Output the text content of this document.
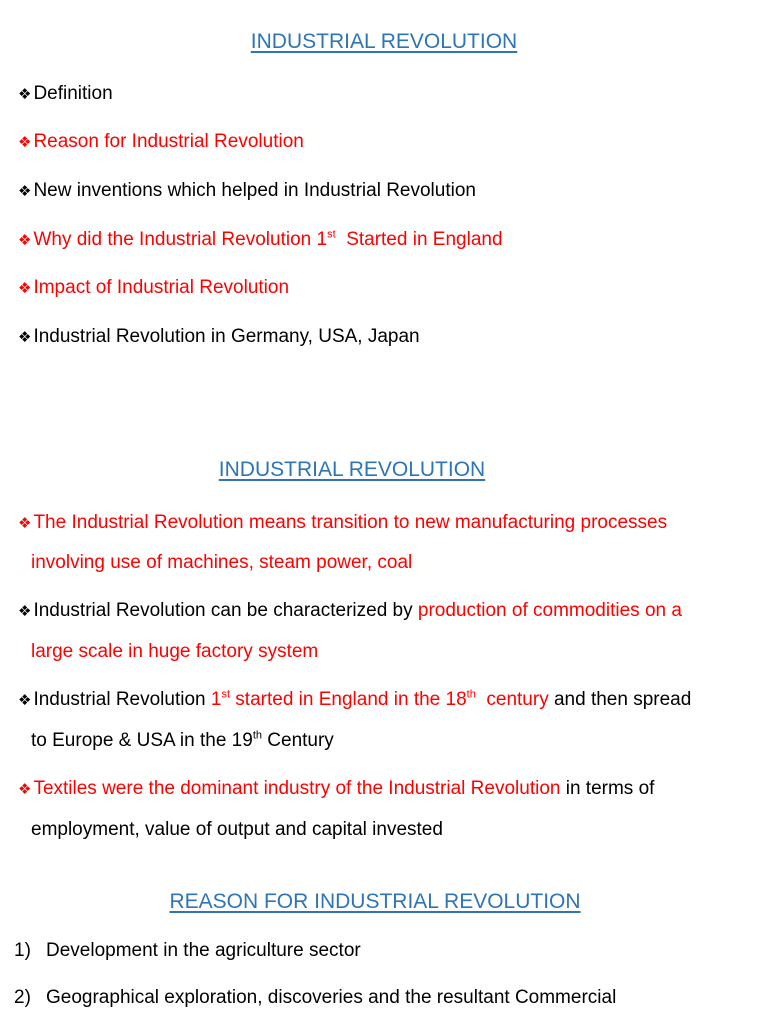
INDUSTRIAL REVOLUTION

❖ Definition

❖ Reason for Industrial Revolution

❖ New inventions which helped in Industrial Revolution

❖ Why did the Industrial Revolution 1st Started in England

❖ Impact of Industrial Revolution

❖ Industrial Revolution in Germany, USA, Japan

INDUSTRIAL REVOLUTION

❖ The Industrial Revolution means transition to new manufacturing processes

involving use of machines, steam power, coal

❖ Industrial Revolution can be characterized by production of commodities on a

large scale in huge factory system

❖ Industrial Revolution 1st started in England in the 18th  century and then spread

to Europe & USA in the 19th Century

❖ Textiles were the dominant industry of the Industrial Revolution in terms of

employment, value of output and capital invested

REASON FOR INDUSTRIAL REVOLUTION

1) Development in the agriculture sector

2) Geographical exploration, discoveries and the resultant Commercial
